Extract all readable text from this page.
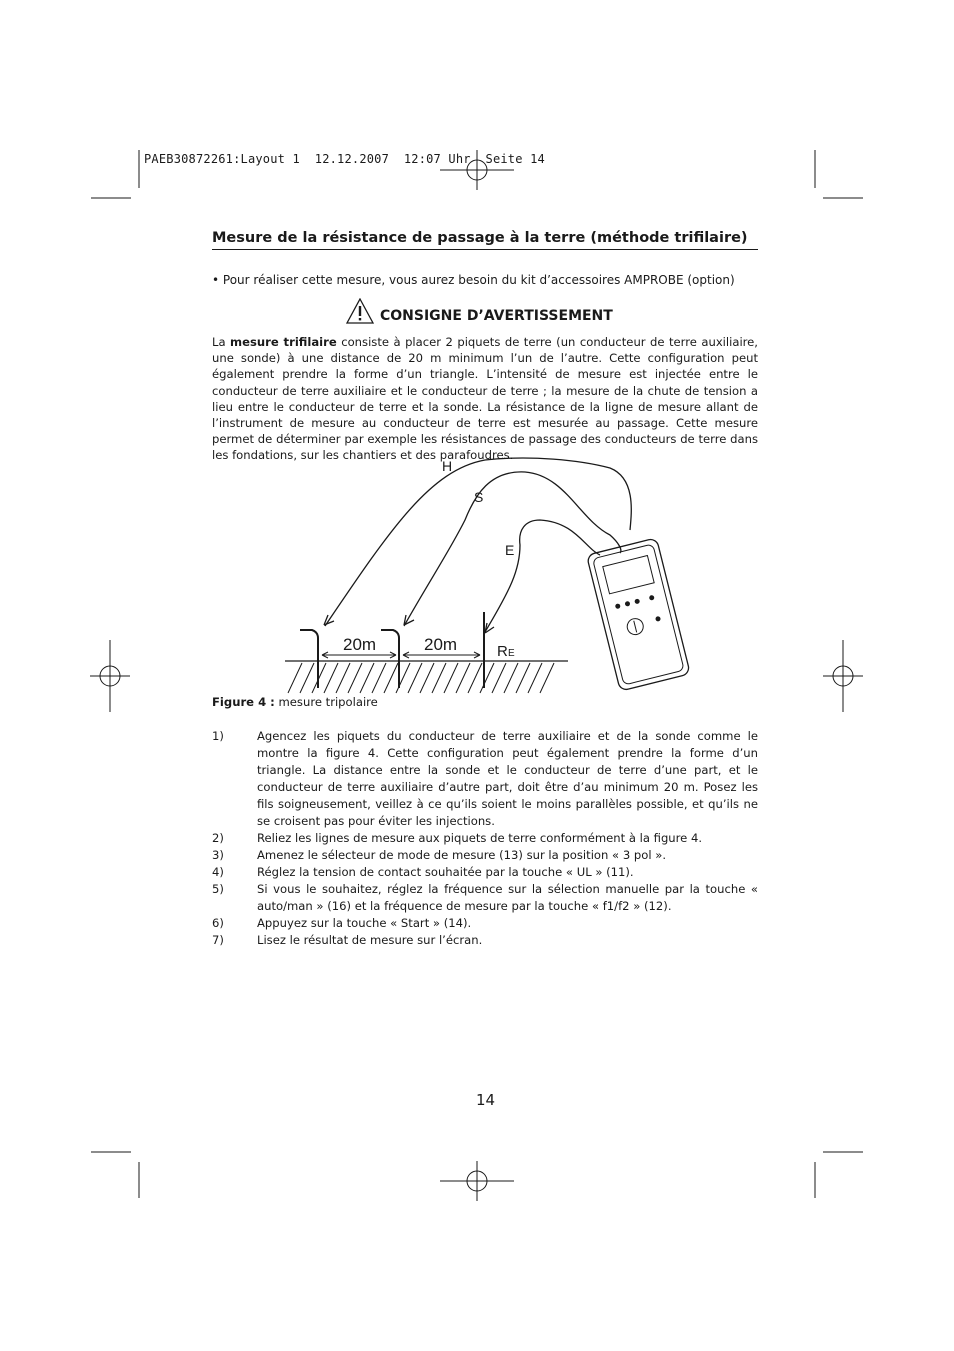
PAEB30872261:Layout 1  12.12.2007  12:07 Uhr  Seite 14
Mesure de la résistance de passage à la terre (méthode trifilaire)
• Pour réaliser cette mesure, vous aurez besoin du kit d’accessoires AMPROBE (option)
CONSIGNE D’AVERTISSEMENT
La mesure trifilaire consiste à placer 2 piquets de terre (un conducteur de terre auxiliaire, une sonde) à une distance de 20 m minimum l’un de l’autre. Cette configuration peut également prendre la forme d’un triangle. L’intensité de mesure est injectée entre le conducteur de terre auxiliaire et le conducteur de terre ; la mesure de la chute de tension a lieu entre le conducteur de terre et la sonde. La résistance de la ligne de mesure allant de l’instrument de mesure au conducteur de terre est mesurée au passage. Cette mesure permet de déterminer par exemple les résistances de passage des conducteurs de terre dans les fondations, sur les chantiers et des parafoudres.
H
S
E
20m	20m	R E
Figure 4 : mesure tripolaire
1)	Agencez les piquets du conducteur de terre auxiliaire et de la sonde comme le montre la figure 4. Cette configuration peut également prendre la forme d’un triangle. La distance entre la sonde et le conducteur de terre d’une part, et le conducteur de terre auxiliaire d’autre part, doit être d’au minimum 20 m. Posez les fils soigneusement, veillez à ce qu’ils soient le moins parallèles possible, et qu’ils ne se croisent pas pour éviter les injections.
2)	Reliez les lignes de mesure aux piquets de terre conformément à la figure 4.
3)	Amenez le sélecteur de mode de mesure (13) sur la position « 3 pol ».
4)	Réglez la tension de contact souhaitée par la touche « UL » (11).
5)	Si vous le souhaitez, réglez la fréquence sur la sélection manuelle par la touche « auto/man » (16) et la fréquence de mesure par la touche « f1/f2 » (12).
6)	Appuyez sur la touche « Start » (14).
7)	Lisez le résultat de mesure sur l’écran.
14
